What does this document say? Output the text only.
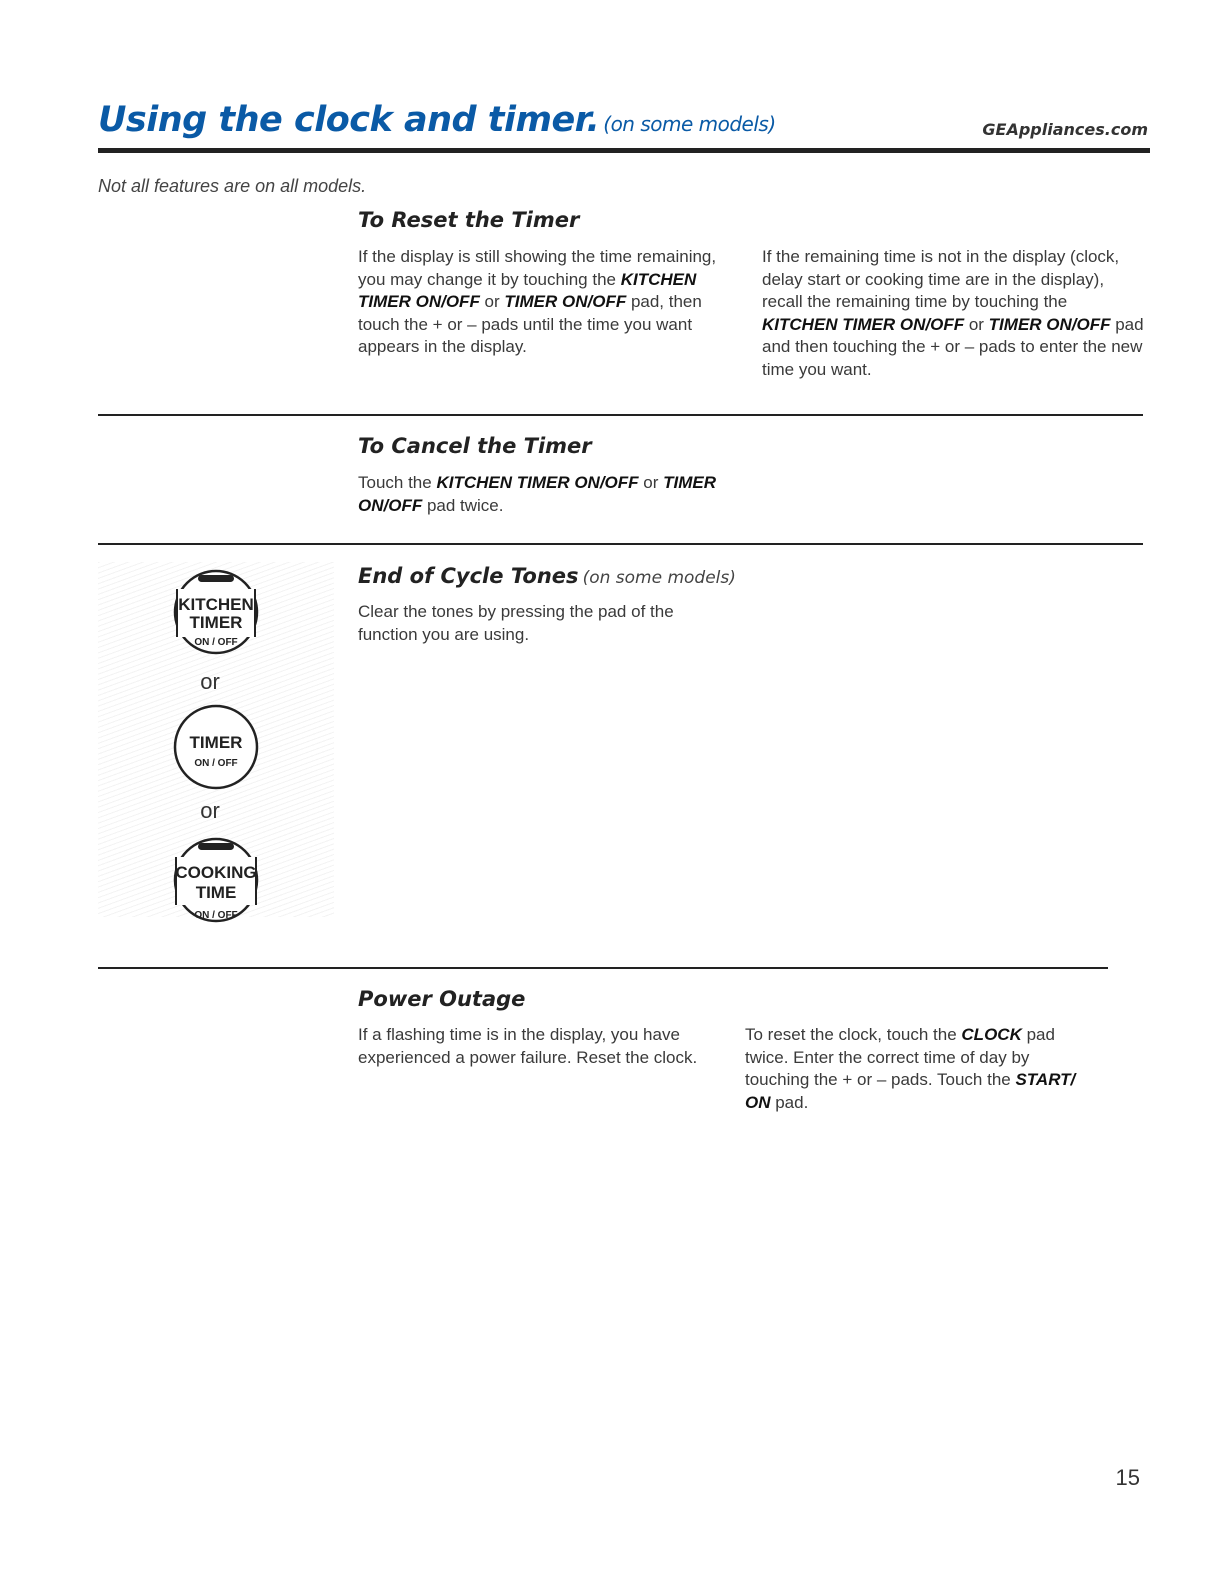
Using the clock and timer. (on some models)	GEAppliances.com
Not all features are on all models.
To Reset the Timer
If the display is still showing the time remaining, you may change it by touching the KITCHEN TIMER ON/OFF or TIMER ON/OFF pad, then touch the + or – pads until the time you want appears in the display.
If the remaining time is not in the display (clock, delay start or cooking time are in the display), recall the remaining time by touching the KITCHEN TIMER ON/OFF or TIMER ON/OFF pad and then touching the + or – pads to enter the new time you want.
To Cancel the Timer
Touch the KITCHEN TIMER ON/OFF or TIMER ON/OFF pad twice.
End of Cycle Tones (on some models)
Clear the tones by pressing the pad of the function you are using.
KITCHEN
TIMER
ON / OFF
or
TIMER
ON / OFF
or
COOKING
TIME
ON / OFF
Power Outage
If a flashing time is in the display, you have experienced a power failure. Reset the clock.
To reset the clock, touch the CLOCK pad twice. Enter the correct time of day by touching the + or – pads. Touch the START/ ON pad.
15
